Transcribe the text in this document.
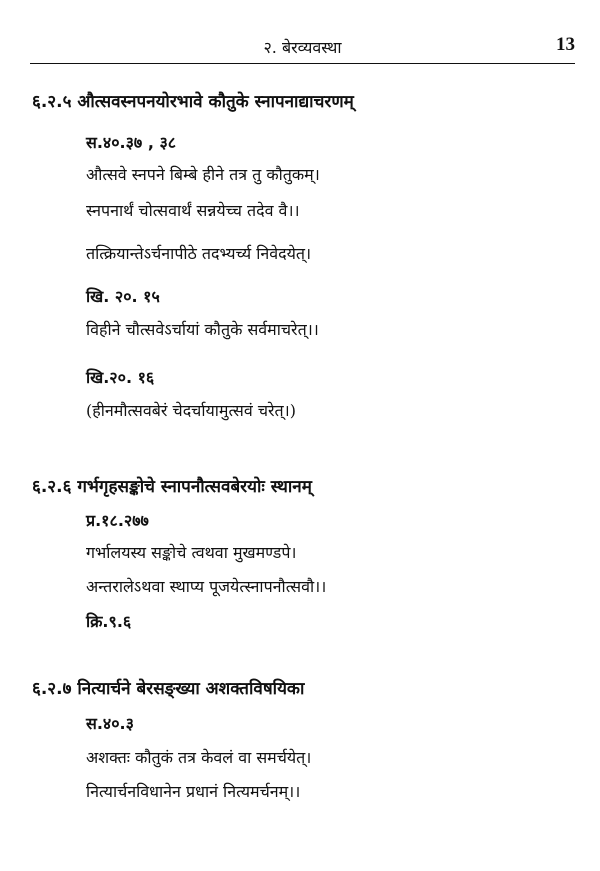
२. बेरव्यवस्था	13
६.२.५ औत्सवस्नपनयोरभावे कौतुके स्नापनाद्याचरणम्
स.४०.३७ , ३८
औत्सवे स्नपने बिम्बे हीने तत्र तु कौतुकम्।
स्नपनार्थं चोत्सवार्थं सन्नयेच्च तदेव वै।।
तत्क्रियान्तेऽर्चनापीठे तदभ्यर्च्य निवेदयेत्।
खि. २०. १५
विहीने चौत्सवेऽर्चायां कौतुके सर्वमाचरेत्।।
खि.२०. १६
(हीनमौत्सवबेरं चेदर्चायामुत्सवं चरेत्।)
६.२.६ गर्भगृहसङ्कोचे स्नापनौत्सवबेरयोः स्थानम्
प्र.१८.२७७
गर्भालयस्य सङ्कोचे त्वथवा मुखमण्डपे।
अन्तरालेऽथवा स्थाप्य पूजयेत्स्नापनौत्सवौ।।
क्रि.९.६
६.२.७ नित्यार्चने बेरसङ्ख्या अशक्तविषयिका
स.४०.३
अशक्तः कौतुकं तत्र केवलं वा समर्चयेत्।
नित्यार्चनविधानेन प्रधानं नित्यमर्चनम्।।
